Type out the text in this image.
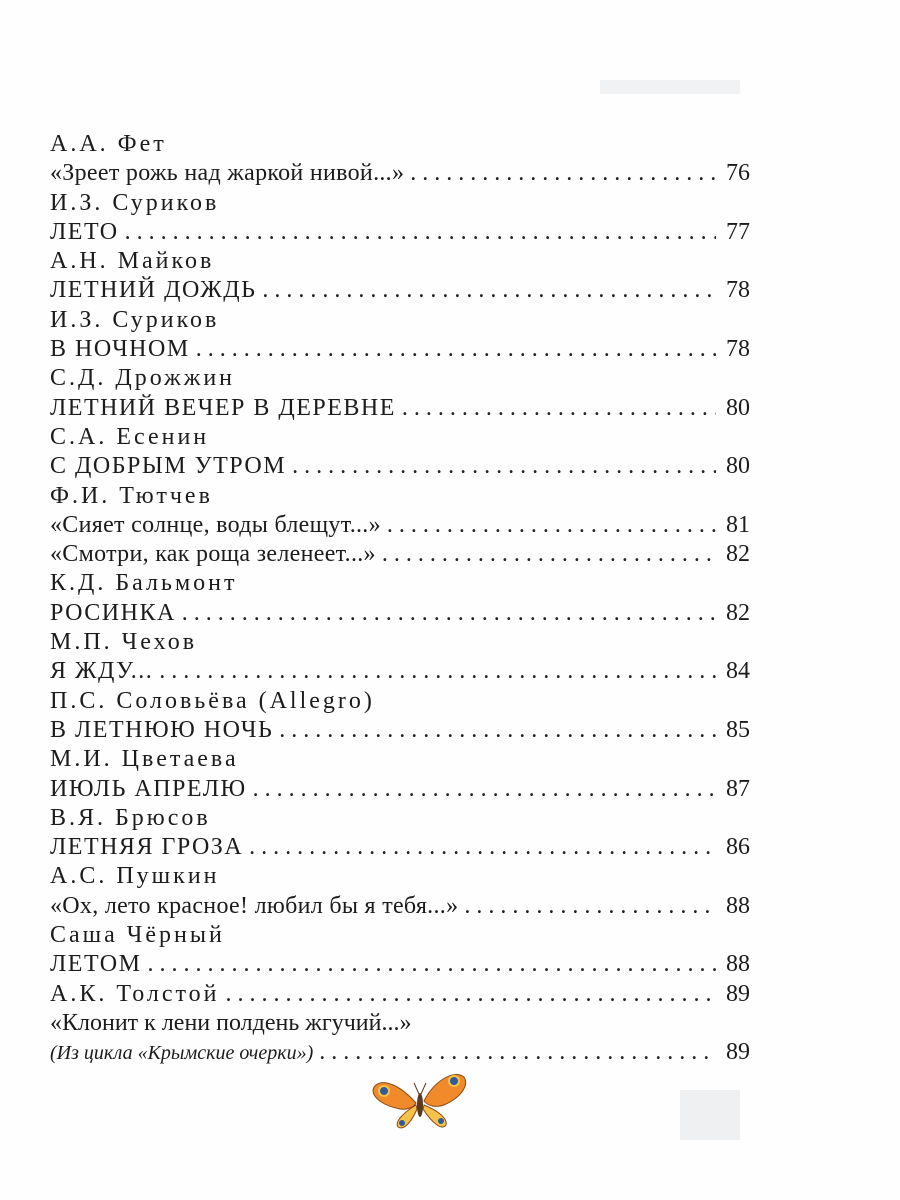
А.А. Фет
«Зреет рожь над жаркой нивой...» . . .	76
И.З. Суриков
ЛЕТО . . .	77
А.Н. Майков
ЛЕТНИЙ ДОЖДЬ . . .	78
И.З. Суриков
В НОЧНОМ . . .	78
С.Д. Дрожжин
ЛЕТНИЙ ВЕЧЕР В ДЕРЕВНЕ . . .	80
С.А. Есенин
С ДОБРЫМ УТРОМ . . .	80
Ф.И. Тютчев
«Сияет солнце, воды блещут...» . . .	81
«Смотри, как роща зеленеет...» . . .	82
К.Д. Бальмонт
РОСИНКА . . .	82
М.П. Чехов
Я ЖДУ... . . .	84
П.С. Соловьёва (Allegro)
В ЛЕТНЮЮ НОЧЬ . . .	85
М.И. Цветаева
ИЮЛЬ АПРЕЛЮ . . .	87
В.Я. Брюсов
ЛЕТНЯЯ ГРОЗА . . .	86
А.С. Пушкин
«Ох, лето красное! любил бы я тебя...» . . .	88
Саша Чёрный
ЛЕТОМ . . .	88
А.К. Толстой . . .	89
«Клонит к лени полдень жгучий...»
(Из цикла «Крымские очерки») . . .	89
